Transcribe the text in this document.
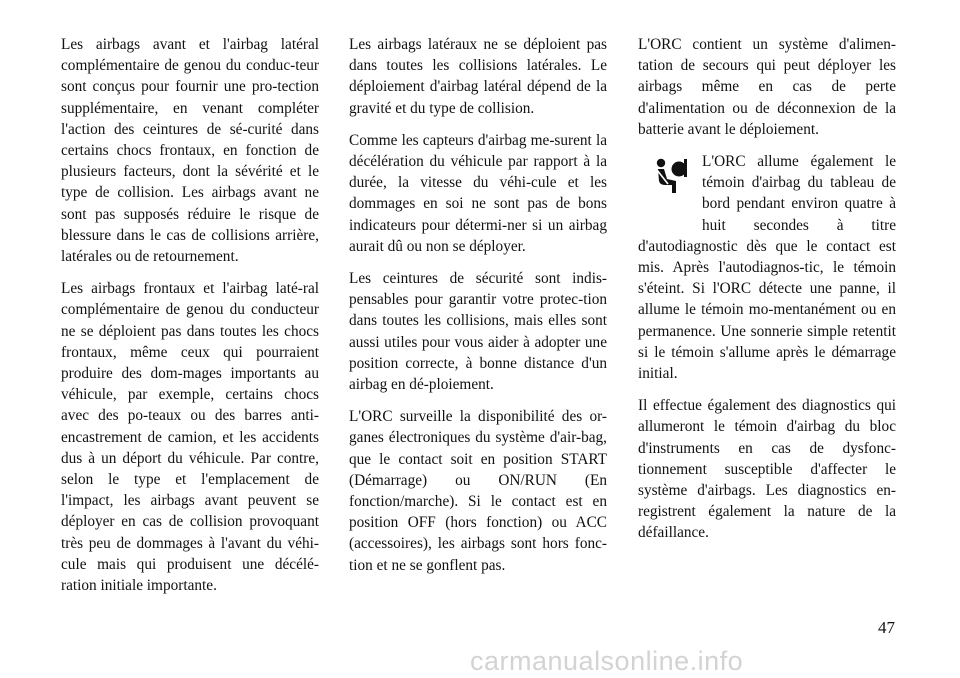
Les airbags avant et l'airbag latéral complémentaire de genou du conduc-teur sont conçus pour fournir une pro-tection supplémentaire, en venant compléter l'action des ceintures de sé-curité dans certains chocs frontaux, en fonction de plusieurs facteurs, dont la sévérité et le type de collision. Les airbags avant ne sont pas supposés réduire le risque de blessure dans le cas de collisions arrière, latérales ou de retournement.

Les airbags frontaux et l'airbag laté-ral complémentaire de genou du conducteur ne se déploient pas dans toutes les chocs frontaux, même ceux qui pourraient produire des dom-mages importants au véhicule, par exemple, certains chocs avec des po-teaux ou des barres anti-encastrement de camion, et les accidents dus à un déport du véhicule. Par contre, selon le type et l'emplacement de l'impact, les airbags avant peuvent se déployer en cas de collision provoquant très peu de dommages à l'avant du véhi-cule mais qui produisent une décélé-ration initiale importante.

Les airbags latéraux ne se déploient pas dans toutes les collisions latérales. Le déploiement d'airbag latéral dépend de la gravité et du type de collision.

Comme les capteurs d'airbag me-surent la décélération du véhicule par rapport à la durée, la vitesse du véhi-cule et les dommages en soi ne sont pas de bons indicateurs pour détermi-ner si un airbag aurait dû ou non se déployer.

Les ceintures de sécurité sont indis-pensables pour garantir votre protec-tion dans toutes les collisions, mais elles sont aussi utiles pour vous aider à adopter une position correcte, à bonne distance d'un airbag en dé-ploiement.

L'ORC surveille la disponibilité des or-ganes électroniques du système d'air-bag, que le contact soit en position START (Démarrage) ou ON/RUN (En fonction/marche). Si le contact est en position OFF (hors fonction) ou ACC (accessoires), les airbags sont hors fonc-tion et ne se gonflent pas.

L'ORC contient un système d'alimen-tation de secours qui peut déployer les airbags même en cas de perte d'alimentation ou de déconnexion de la batterie avant le déploiement.

L'ORC allume également le témoin d'airbag du tableau de bord pendant environ quatre à huit secondes à titre d'autodiagnostic dès que le contact est mis. Après l'autodiagnos-tic, le témoin s'éteint. Si l'ORC détecte une panne, il allume le témoin mo-mentanément ou en permanence. Une sonnerie simple retentit si le témoin s'allume après le démarrage initial.

Il effectue également des diagnostics qui allumeront le témoin d'airbag du bloc d'instruments en cas de dysfonc-tionnement susceptible d'affecter le système d'airbags. Les diagnostics en-registrent également la nature de la défaillance.

47
carmanualsonline.info
